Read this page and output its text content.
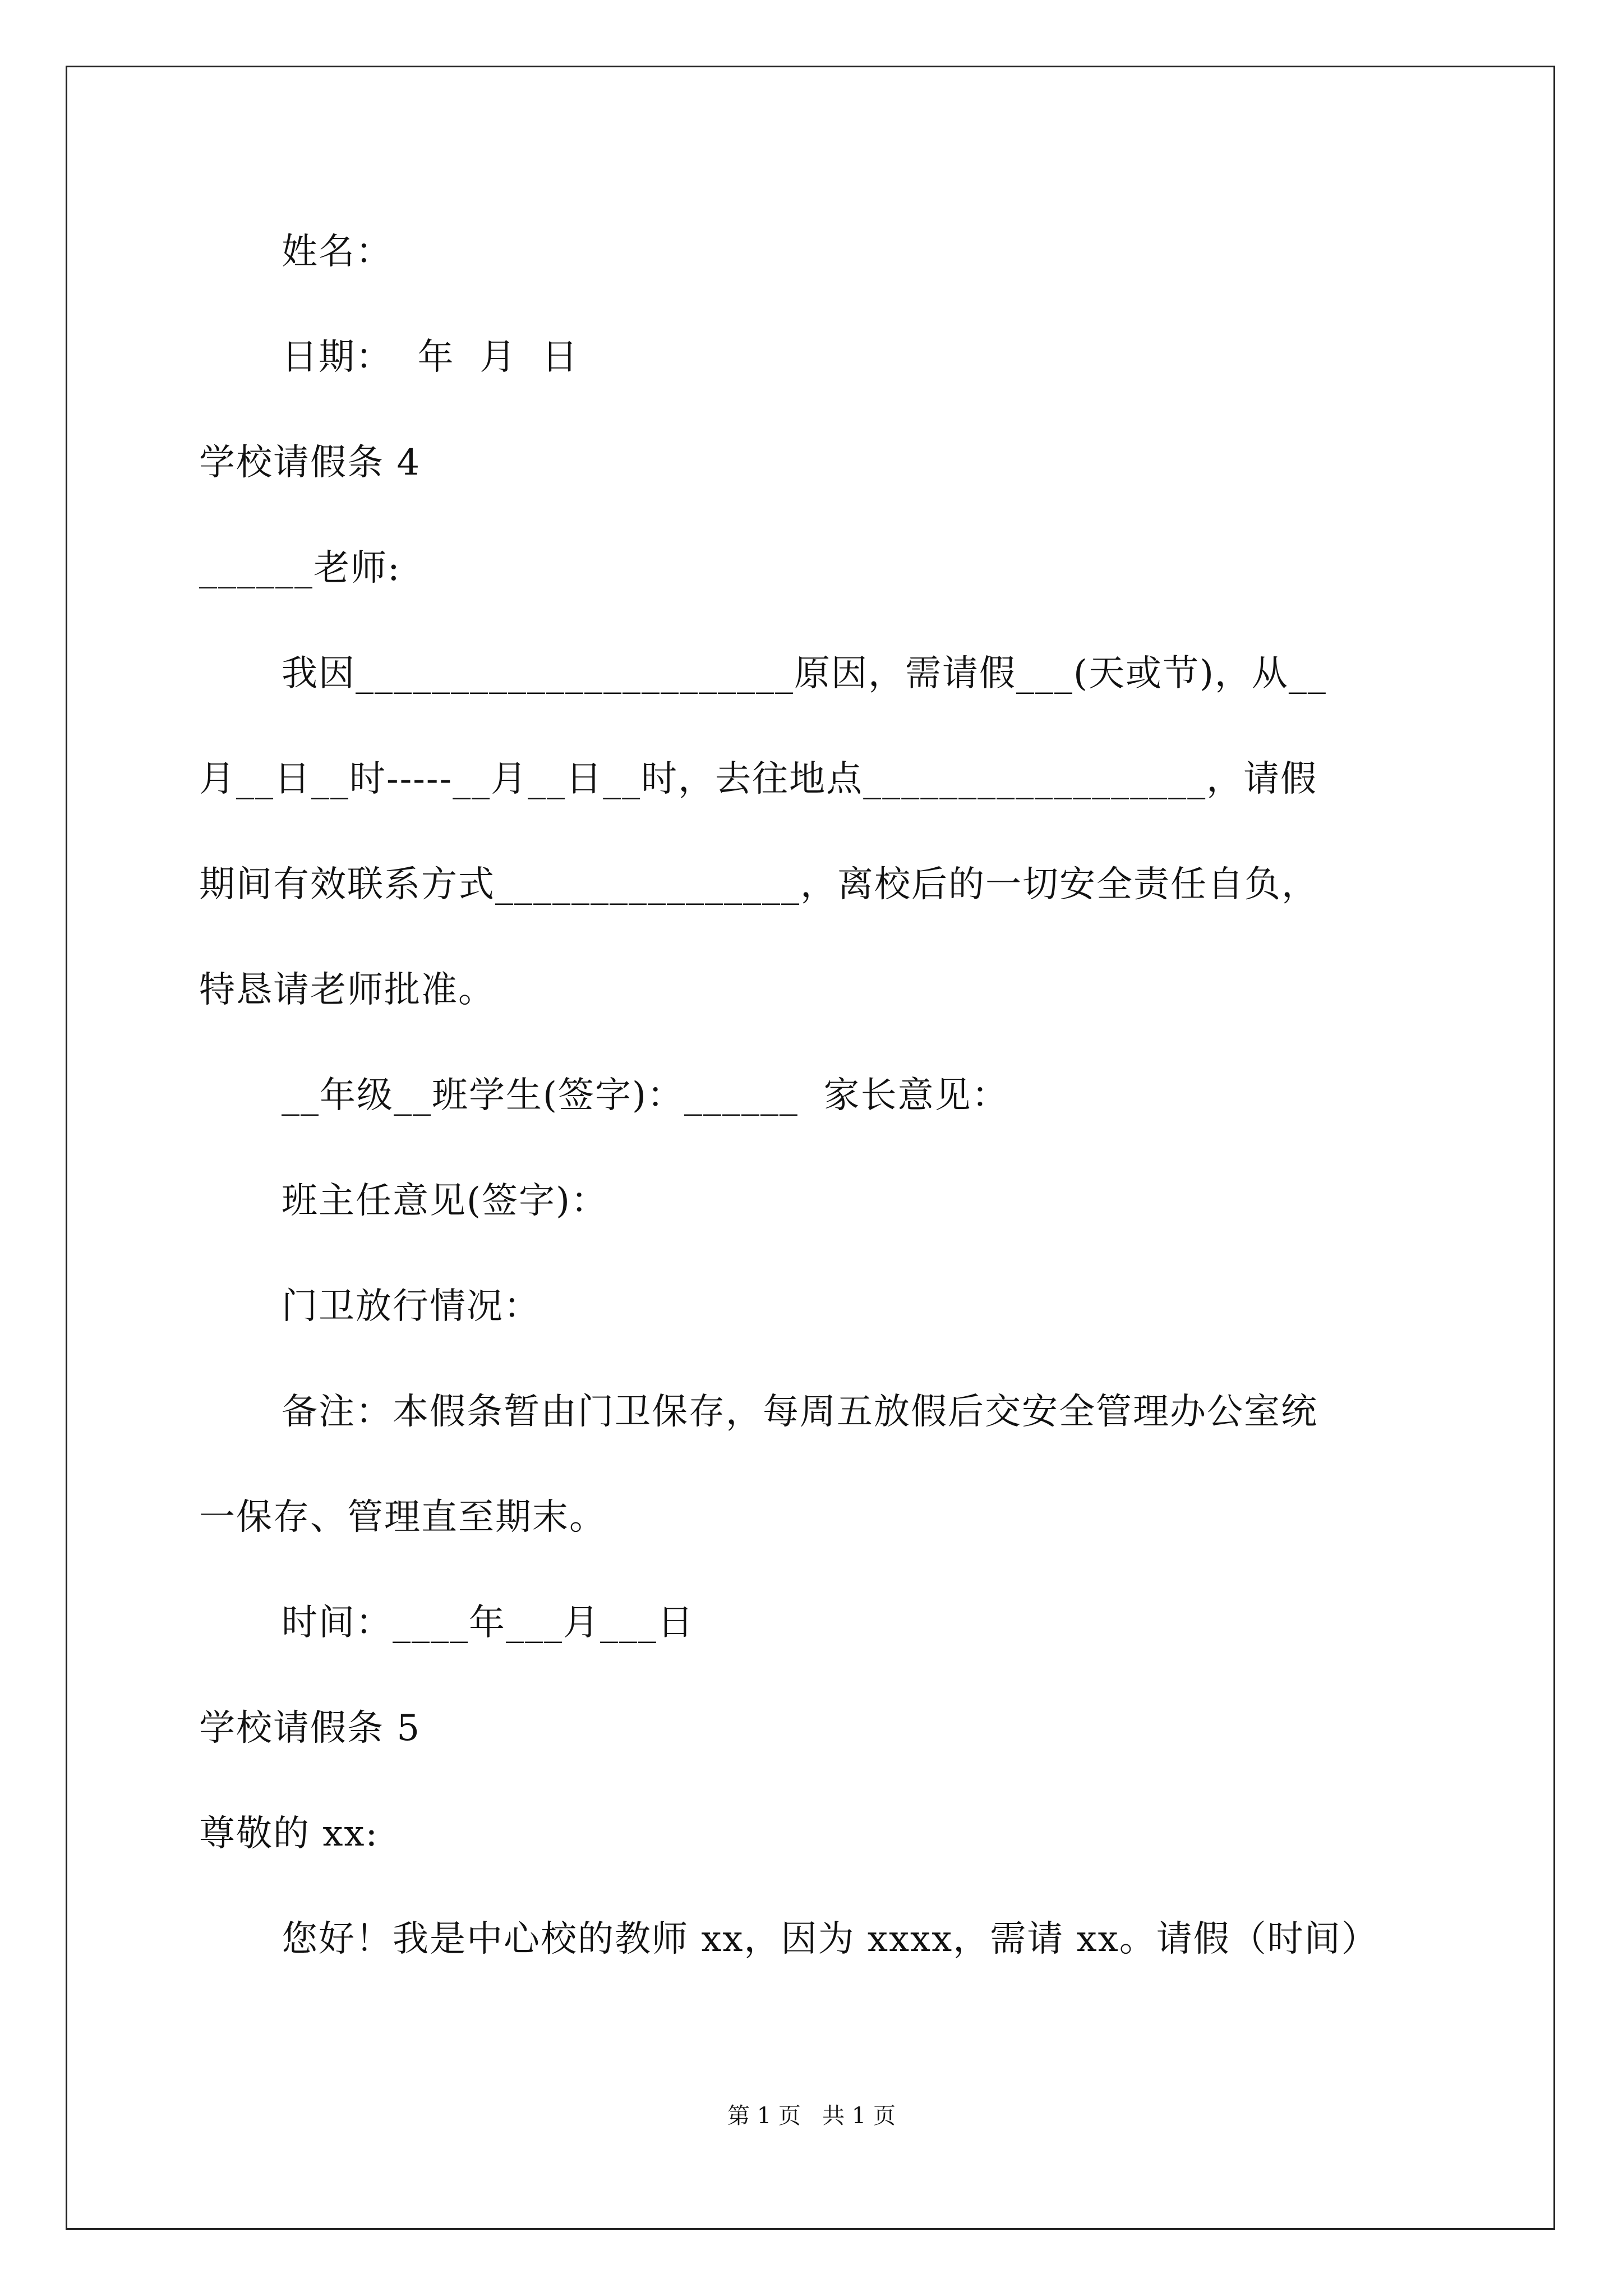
姓名：
日期：  年  月  日
学校请假条 4
______老师:
我因_______________________原因，需请假___(天或节)，从__
月__日__时-----__月__日__时，去往地点__________________，请假
期间有效联系方式________________，离校后的一切安全责任自负，
特恳请老师批准。
__年级__班学生(签字)：______  家长意见：
班主任意见(签字)：
门卫放行情况：
备注：本假条暂由门卫保存，每周五放假后交安全管理办公室统
一保存、管理直至期末。
时间：____年___月___日
学校请假条 5
尊敬的 xx:
您好！我是中心校的教师 xx，因为 xxxx，需请 xx。请假（时间）
第 1 页   共 1 页
